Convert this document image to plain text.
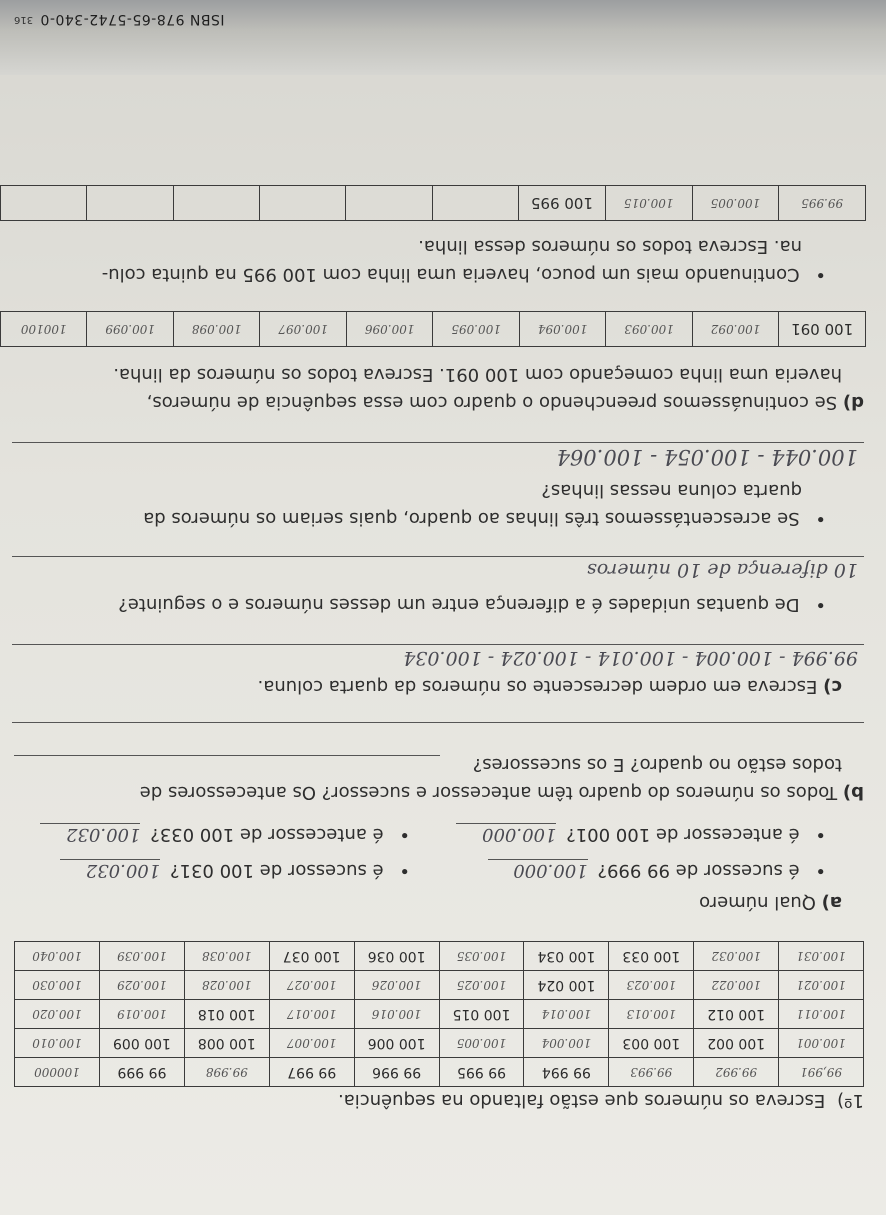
1º) Escreva os números que estão faltando na sequência.
99,991	99.992	99.993	99 994	99 995	99 996	99 997	99.998	99 999	100000
100.001	100 002	100 003	100.004	100.005	100 006	100.007	100 008	100 009	100.010
100.011	100 012	100.013	100.014	100 015	100.016	100.017	100 018	100.019	100.020
100.021	100.022	100.023	100 024	100.025	100.026	100.027	100.028	100.029	100.030
100.031	100.032	100 033	100 034	100.035	100 036	100 037	100.038	100.039	100.040
a) Qual número
• é sucessor de 99 999? 100.000
• é sucessor de 100 031? 100.032
• é antecessor de 100 001? 100.000
• é antecessor de 100 033? 100.032
b) Todos os números do quadro têm antecessor e sucessor? Os antecessores de
todos estão no quadro? E os sucessores?
c) Escreva em ordem decrescente os números da quarta coluna.
99.994 - 100.004 - 100.014 - 100.024 - 100.034
• De quantas unidades é a diferença entre um desses números e o seguinte?
10 diferença de 10 números
• Se acrescentássemos três linhas ao quadro, quais seriam os números da
quarta coluna nessas linhas?
100.044 - 100.054 - 100.064
d) Se continuássemos preenchendo o quadro com essa sequência de números,
haveria uma linha começando com 100 091. Escreva todos os números da linha.
100 091	100.092	100.093	100.094	100.095	100.096	100.097	100.098	100.099	100100
• Continuando mais um pouco, haveria uma linha com 100 995 na quinta colu-
na. Escreva todos os números dessa linha.
99.995	100.005	100.015	100 995						
ISBN 978-65-5742-340-0
316
